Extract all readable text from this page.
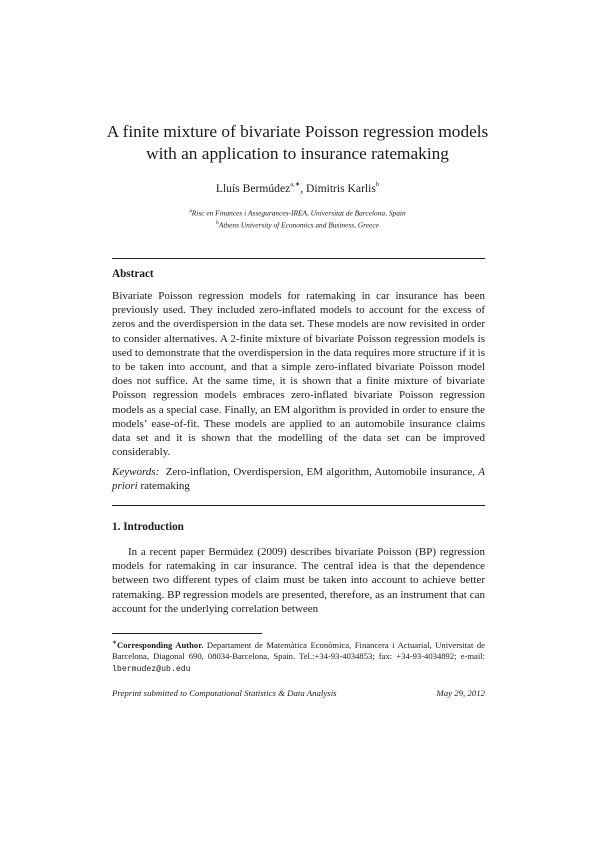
A finite mixture of bivariate Poisson regression models
with an application to insurance ratemaking
Lluís Bermúdez$^{a,∗}$, Dimitris Karlis$^b$
$^a$Risc en Finances i Assegurances-IREA, Universitat de Barcelona, Spain
$^b$Athens University of Economics and Business, Greece
Abstract
Bivariate Poisson regression models for ratemaking in car insurance has been previously used. They included zero-inflated models to account for the excess of zeros and the overdispersion in the data set. These models are now revisited in order to consider alternatives. A 2-finite mixture of bivariate Poisson regression models is used to demonstrate that the overdispersion in the data requires more structure if it is to be taken into account, and that a simple zero-inflated bivariate Poisson model does not suffice. At the same time, it is shown that a finite mixture of bivariate Poisson regression models embraces zero-inflated bivariate Poisson regression models as a special case. Finally, an EM algorithm is provided in order to ensure the models’ ease-of-fit. These models are applied to an automobile insurance claims data set and it is shown that the modelling of the data set can be improved considerably.
Keywords: Zero-inflation, Overdispersion, EM algorithm, Automobile insurance, A priori ratemaking
1. Introduction
In a recent paper Bermúdez (2009) describes bivariate Poisson (BP) regression models for ratemaking in car insurance. The central idea is that the dependence between two different types of claim must be taken into account to achieve better ratemaking. BP regression models are presented, therefore, as an instrument that can account for the underlying correlation between
∗Corresponding Author. Departament de Matemàtica Econòmica, Financera i Actuarial, Universitat de Barcelona, Diagonal 690, 08034-Barcelona, Spain. Tel.:+34-93-4034853; fax: +34-93-4034892; e-mail: lbermudez@ub.edu
Preprint submitted to Computational Statistics & Data Analysis	May 29, 2012
